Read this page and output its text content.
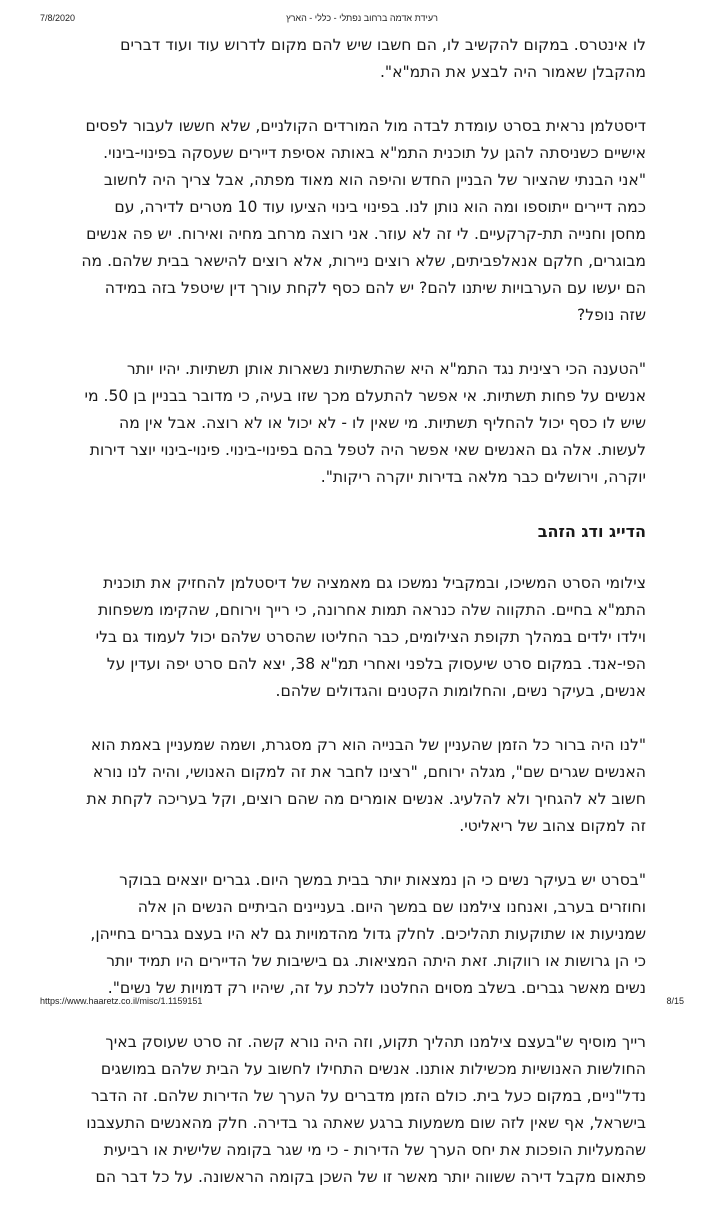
7/8/2020	רעידת אדמה ברחוב נפתלי - כללי - הארץ

לו אינטרס. במקום להקשיב לו, הם חשבו שיש להם מקום לדרוש עוד ועוד דברים
מהקבלן שאמור היה לבצע את התמ"א".

דיסטלמן נראית בסרט עומדת לבדה מול המורדים הקולניים, שלא חששו לעבור לפסים
אישיים כשניסתה להגן על תוכנית התמ"א באותה אסיפת דיירים שעסקה בפינוי-בינוי.
"אני הבנתי שהציור של הבניין החדש והיפה הוא מאוד מפתה, אבל צריך היה לחשוב
כמה דיירים ייתוספו ומה הוא נותן לנו. בפינוי בינוי הציעו עוד 10 מטרים לדירה, עם
מחסן וחנייה תת-קרקעיים. לי זה לא עוזר. אני רוצה מרחב מחיה ואירוח. יש פה אנשים
מבוגרים, חלקם אנאלפביתים, שלא רוצים ניירות, אלא רוצים להישאר בבית שלהם. מה
הם יעשו עם הערבויות שיתנו להם? יש להם כסף לקחת עורך דין שיטפל בזה במידה
שזה נופל?

"הטענה הכי רצינית נגד התמ"א היא שהתשתיות נשארות אותן תשתיות. יהיו יותר
אנשים על פחות תשתיות. אי אפשר להתעלם מכך שזו בעיה, כי מדובר בבניין בן 50. מי
שיש לו כסף יכול להחליף תשתיות. מי שאין לו - לא יכול או לא רוצה. אבל אין מה
לעשות. אלה גם האנשים שאי אפשר היה לטפל בהם בפינוי-בינוי. פינוי-בינוי יוצר דירות
יוקרה, וירושלים כבר מלאה בדירות יוקרה ריקות".

הדייג ודג הזהב

צילומי הסרט המשיכו, ובמקביל נמשכו גם מאמציה של דיסטלמן להחזיק את תוכנית
התמ"א בחיים. התקווה שלה כנראה תמות אחרונה, כי רייך וירוחם, שהקימו משפחות
וילדו ילדים במהלך תקופת הצילומים, כבר החליטו שהסרט שלהם יכול לעמוד גם בלי
הפי-אנד. במקום סרט שיעסוק בלפני ואחרי תמ"א 38, יצא להם סרט יפה ועדין על
אנשים, בעיקר נשים, והחלומות הקטנים והגדולים שלהם.

"לנו היה ברור כל הזמן שהעניין של הבנייה הוא רק מסגרת, ושמה שמעניין באמת הוא
האנשים שגרים שם", מגלה ירוחם, "רצינו לחבר את זה למקום האנושי, והיה לנו נורא
חשוב לא להגחיך ולא להלעיג. אנשים אומרים מה שהם רוצים, וקל בעריכה לקחת את
זה למקום צהוב של ריאליטי.

"בסרט יש בעיקר נשים כי הן נמצאות יותר בבית במשך היום. גברים יוצאים בבוקר
וחוזרים בערב, ואנחנו צילמנו שם במשך היום. בעניינים הביתיים הנשים הן אלה
שמניעות או שתוקעות תהליכים. לחלק גדול מהדמויות גם לא היו בעצם גברים בחייהן,
כי הן גרושות או רווקות. זאת היתה המציאות. גם בישיבות של הדיירים היו תמיד יותר
נשים מאשר גברים. בשלב מסוים החלטנו ללכת על זה, שיהיו רק דמויות של נשים".

רייך מוסיף ש"בעצם צילמנו תהליך תקוע, וזה היה נורא קשה. זה סרט שעוסק באיך
החולשות האנושיות מכשילות אותנו. אנשים התחילו לחשוב על הבית שלהם במושגים
נדל"ניים, במקום כעל בית. כולם הזמן מדברים על הערך של הדירות שלהם. זה הדבר
בישראל, אף שאין לזה שום משמעות ברגע שאתה גר בדירה. חלק מהאנשים התעצבנו
שהמעליות הופכות את יחס הערך של הדירות - כי מי שגר בקומה שלישית או רביעית
פתאום מקבל דירה ששווה יותר מאשר זו של השכן בקומה הראשונה. על כל דבר הם

https://www.haaretz.co.il/misc/1.1159151	8/15
